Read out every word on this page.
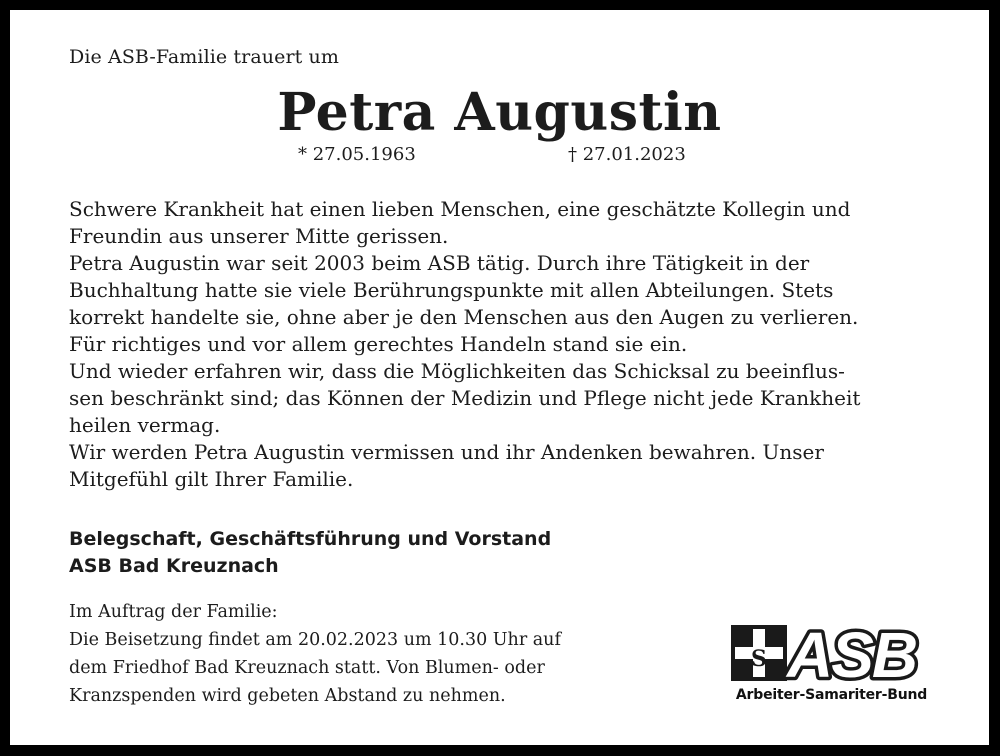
Die ASB-Familie trauert um
Petra Augustin
* 27.05.1963	† 27.01.2023
Schwere Krankheit hat einen lieben Menschen, eine geschätzte Kollegin und
Freundin aus unserer Mitte gerissen.
Petra Augustin war seit 2003 beim ASB tätig. Durch ihre Tätigkeit in der
Buchhaltung hatte sie viele Berührungspunkte mit allen Abteilungen. Stets
korrekt handelte sie, ohne aber je den Menschen aus den Augen zu verlieren.
Für richtiges und vor allem gerechtes Handeln stand sie ein.
Und wieder erfahren wir, dass die Möglichkeiten das Schicksal zu beeinflus-
sen beschränkt sind; das Können der Medizin und Pflege nicht jede Krankheit
heilen vermag.
Wir werden Petra Augustin vermissen und ihr Andenken bewahren. Unser
Mitgefühl gilt Ihrer Familie.
Belegschaft, Geschäftsführung und Vorstand
ASB Bad Kreuznach
Im Auftrag der Familie:
Die Beisetzung findet am 20.02.2023 um 10.30 Uhr auf
dem Friedhof Bad Kreuznach statt. Von Blumen- oder
Kranzspenden wird gebeten Abstand zu nehmen.
S ASB
Arbeiter-Samariter-Bund
